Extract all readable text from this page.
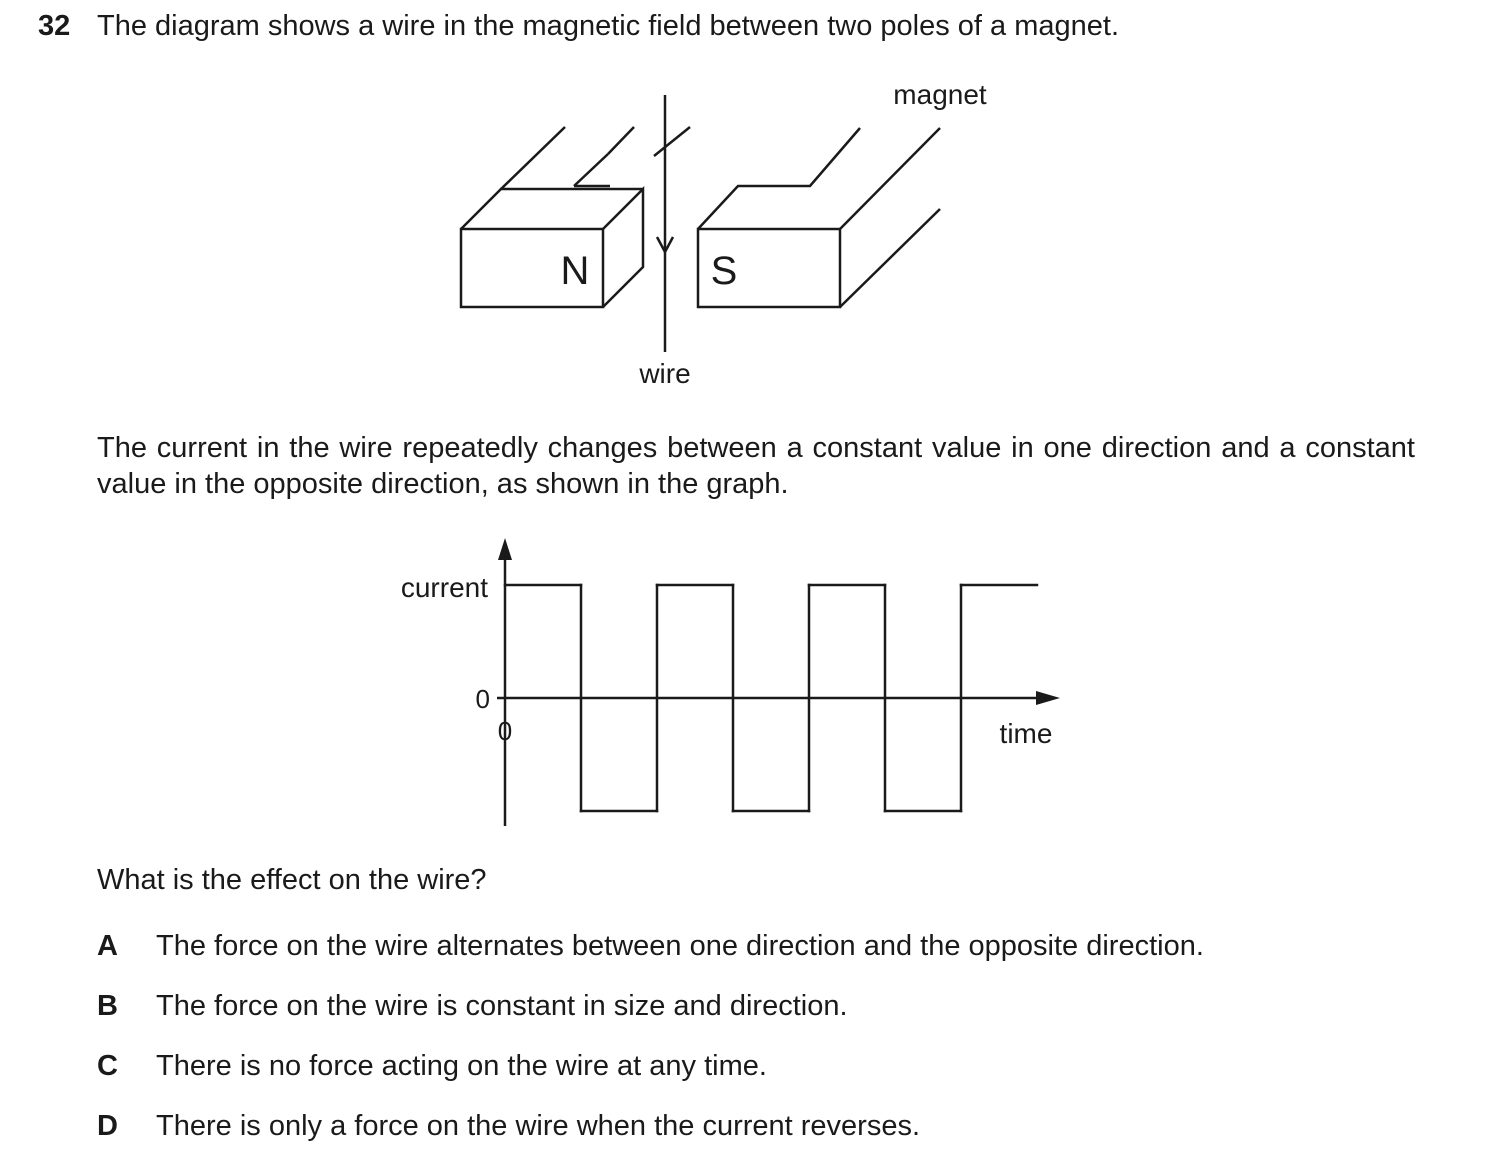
32 The diagram shows a wire in the magnetic field between two poles of a magnet.
N	S
magnet
wire
The current in the wire repeatedly changes between a constant value in one direction and a constant value in the opposite direction, as shown in the graph.
current
0
0	time
What is the effect on the wire?
A The force on the wire alternates between one direction and the opposite direction.
B The force on the wire is constant in size and direction.
C There is no force acting on the wire at any time.
D There is only a force on the wire when the current reverses.
